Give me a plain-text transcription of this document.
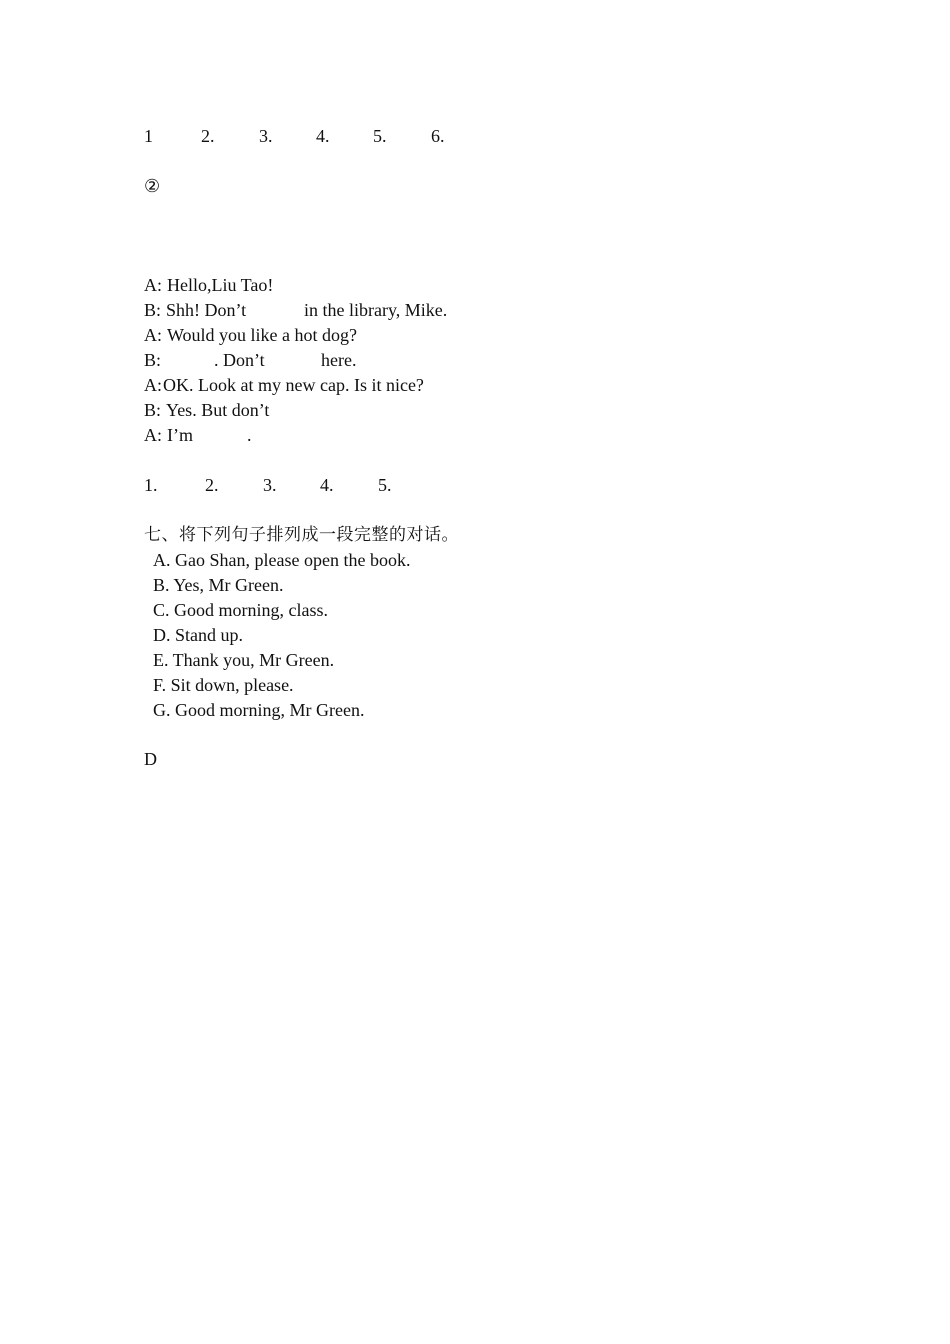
1

	2.

3.

4.

5.

6.

②

A:

Hello,Liu Tao!

B:

Shh! Don’t

	in the library, Mike.

A:

Would you like a hot dog?

B:

	. Don’t

	here.

A:

OK. Look at my new cap. Is it nice?

B:

Yes. But don’t

A:

I’m

	.

1.

	2.

3.

4.

5.

七、将下列句子排列成一段完整的对话。
A. Gao Shan, please open the book.
B. Yes, Mr Green.
C. Good morning, class.
D. Stand up.
E. Thank you, Mr Green.
F. Sit down, please.
G. Good morning, Mr Green.
D
